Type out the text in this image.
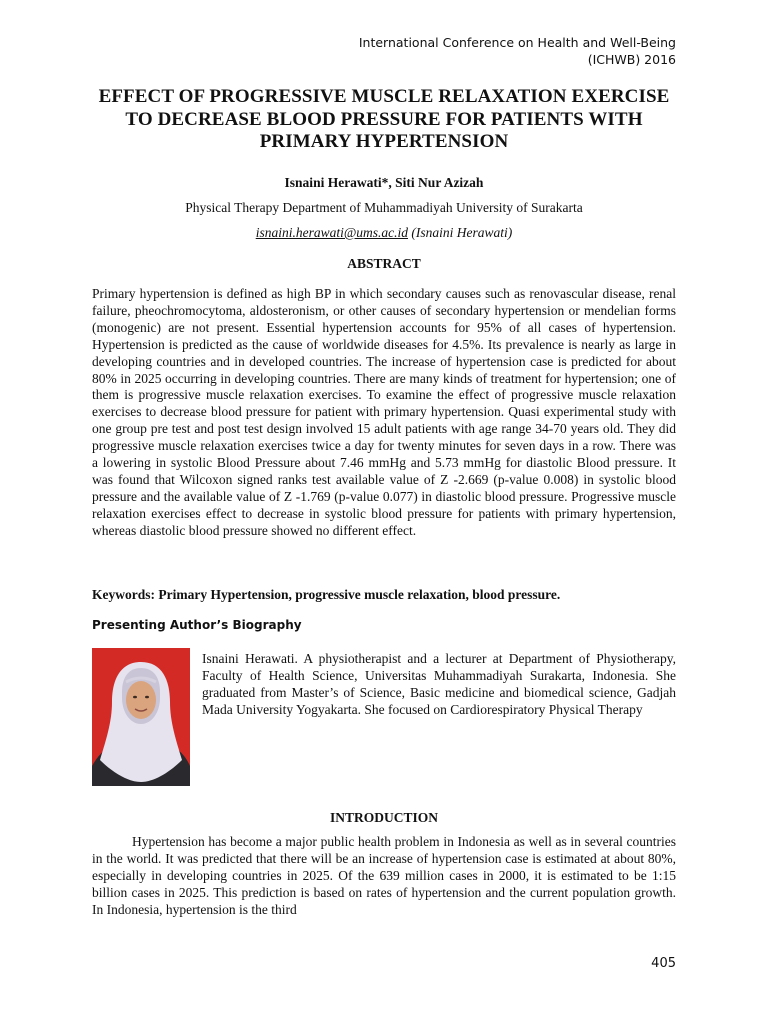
International Conference on Health and Well-Being
(ICHWB) 2016
EFFECT OF PROGRESSIVE MUSCLE RELAXATION EXERCISE TO DECREASE BLOOD PRESSURE FOR PATIENTS WITH PRIMARY HYPERTENSION
Isnaini Herawati*, Siti Nur Azizah
Physical Therapy Department of Muhammadiyah University of Surakarta
isnaini.herawati@ums.ac.id (Isnaini Herawati)
ABSTRACT
Primary hypertension is defined as high BP in which secondary causes such as renovascular disease, renal failure, pheochromocytoma, aldosteronism, or other causes of secondary hypertension or mendelian forms (monogenic) are not present. Essential hypertension accounts for 95% of all cases of hypertension. Hypertension is predicted as the cause of worldwide diseases for 4.5%. Its prevalence is nearly as large in developing countries and in developed countries. The increase of hypertension case is predicted for about 80% in 2025 occurring in developing countries. There are many kinds of treatment for hypertension; one of them is progressive muscle relaxation exercises. To examine the effect of progressive muscle relaxation exercises to decrease blood pressure for patient with primary hypertension. Quasi experimental study with one group pre test and post test design involved 15 adult patients with age range 34-70 years old. They did progressive muscle relaxation exercises twice a day for twenty minutes for seven days in a row. There was a lowering in systolic Blood Pressure about 7.46 mmHg and 5.73 mmHg for diastolic Blood pressure. It was found that Wilcoxon signed ranks test available value of Z -2.669 (p-value 0.008) in systolic blood pressure and the available value of Z -1.769 (p-value 0.077) in diastolic blood pressure. Progressive muscle relaxation exercises effect to decrease in systolic blood pressure for patients with primary hypertension, whereas diastolic blood pressure showed no different effect.
Keywords: Primary Hypertension, progressive muscle relaxation, blood pressure.
Presenting Author’s Biography
Isnaini Herawati. A physiotherapist and a lecturer at Department of Physiotherapy, Faculty of Health Science, Universitas Muhammadiyah Surakarta, Indonesia. She graduated from Master’s of Science, Basic medicine and biomedical science, Gadjah Mada University Yogyakarta. She focused on Cardiorespiratory Physical Therapy
INTRODUCTION
Hypertension has become a major public health problem in Indonesia as well as in several countries in the world. It was predicted that there will be an increase of hypertension case is estimated at about 80%, especially in developing countries in 2025. Of the 639 million cases in 2000, it is estimated to be 1:15 billion cases in 2025. This prediction is based on rates of hypertension and the current population growth. In Indonesia, hypertension is the third
405
